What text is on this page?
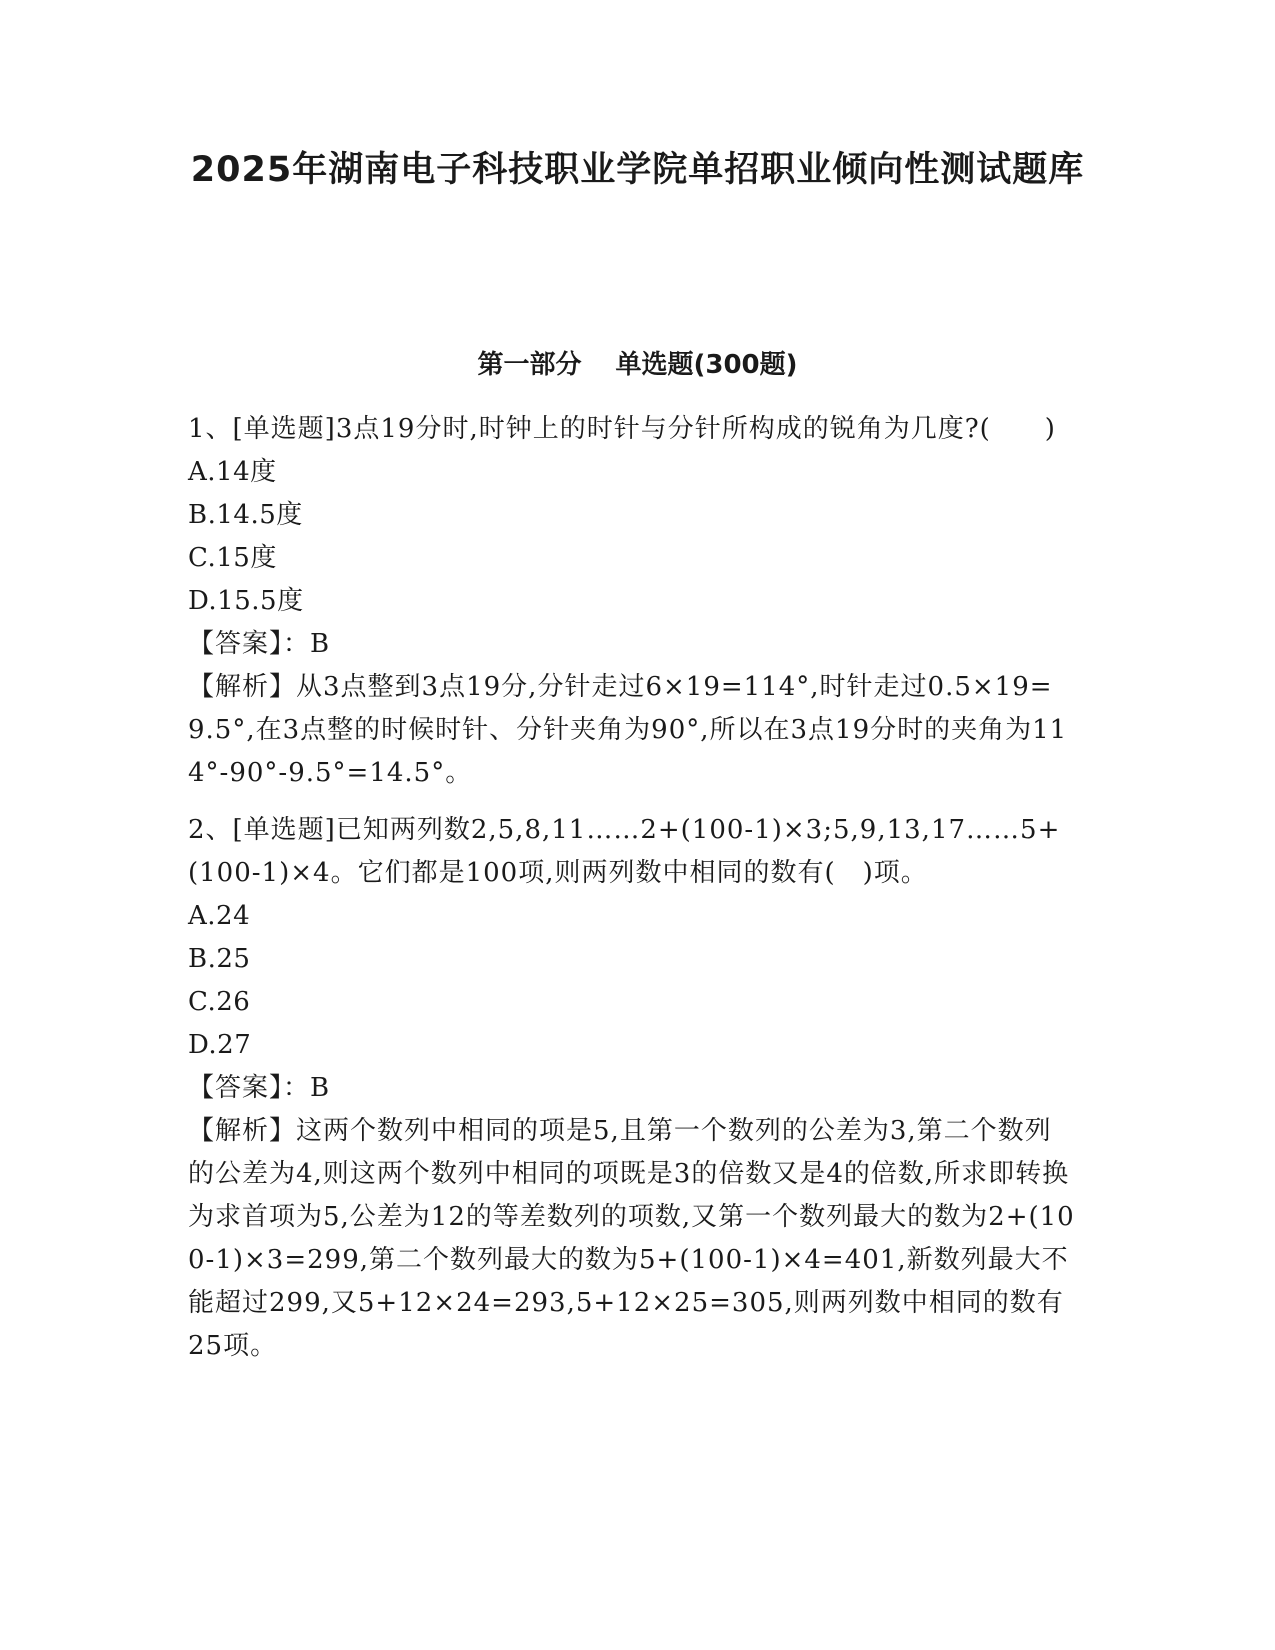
2025年湖南电子科技职业学院单招职业倾向性测试题库
第一部分 单选题(300题)

1、[单选题]3点19分时,时钟上的时针与分针所构成的锐角为几度?(　　)

A.14度

B.14.5度

C.15度

D.15.5度

【答案】：B

【解析】从3点整到3点19分,分针走过6×19=114°,时针走过0.5×19=9.5°,在3点整的时候时针、分针夹角为90°,所以在3点19分时的夹角为114°-90°-9.5°=14.5°。

2、[单选题]已知两列数2,5,8,11……2+(100-1)×3;5,9,13,17……5+(100-1)×4。它们都是100项,则两列数中相同的数有(　)项。

A.24

B.25

C.26

D.27

【答案】：B

【解析】这两个数列中相同的项是5,且第一个数列的公差为3,第二个数列的公差为4,则这两个数列中相同的项既是3的倍数又是4的倍数,所求即转换为求首项为5,公差为12的等差数列的项数,又第一个数列最大的数为2+(100-1)×3=299,第二个数列最大的数为5+(100-1)×4=401,新数列最大不能超过299,又5+12×24=293,5+12×25=305,则两列数中相同的数有25项。
